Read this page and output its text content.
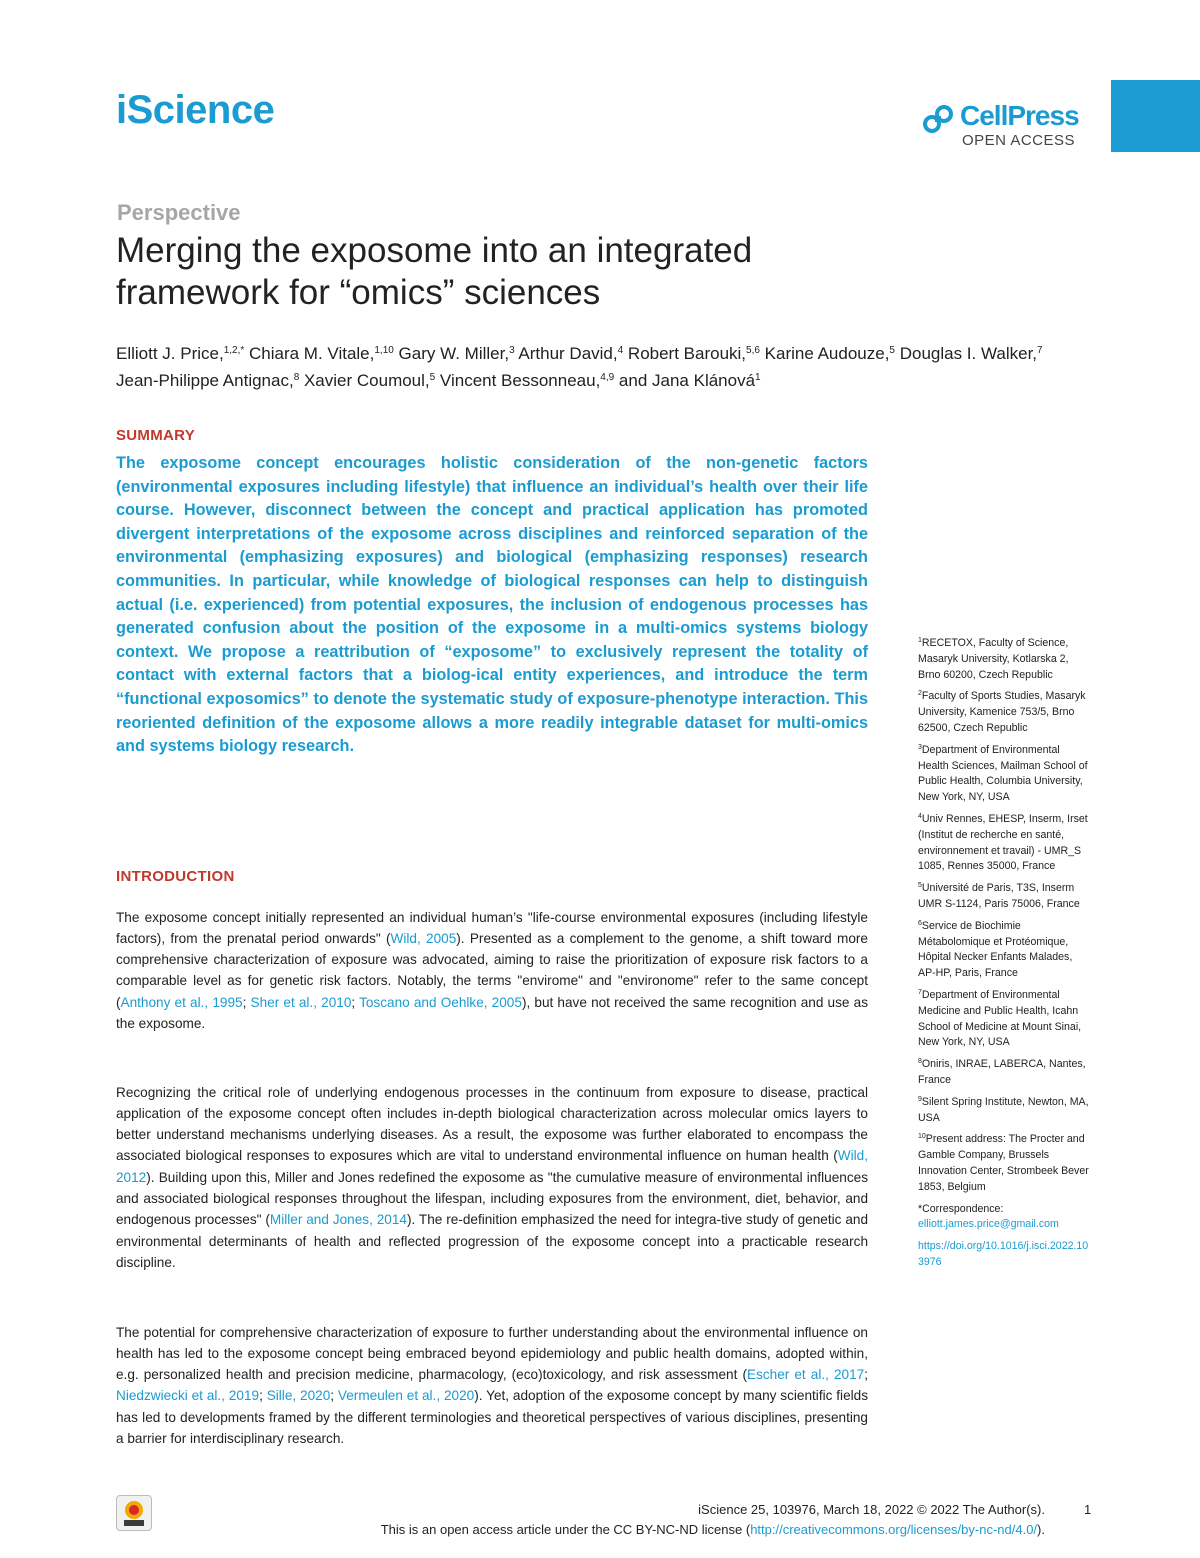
iScience	CellPress
OPEN ACCESS
Perspective
Merging the exposome into an integrated framework for “omics” sciences
Elliott J. Price,$^{1,2,*}$ Chiara M. Vitale,$^{1,10}$ Gary W. Miller,$^3$ Arthur David,$^4$ Robert Barouki,$^{5,6}$ Karine Audouze,$^5$ Douglas I. Walker,$^7$ Jean-Philippe Antignac,$^8$ Xavier Coumoul,$^5$ Vincent Bessonneau,$^{4,9}$ and Jana Klánová$^1$
SUMMARY
The exposome concept encourages holistic consideration of the non-genetic factors (environmental exposures including lifestyle) that influence an individual’s health over their life course. However, disconnect between the concept and practical application has promoted divergent interpretations of the exposome across disciplines and reinforced separation of the environmental (emphasizing exposures) and biological (emphasizing responses) research communities. In particular, while knowledge of biological responses can help to distinguish actual (i.e. experienced) from potential exposures, the inclusion of endogenous processes has generated confusion about the position of the exposome in a multi-omics systems biology context. We propose a reattribution of “exposome” to exclusively represent the totality of contact with external factors that a biolog-ical entity experiences, and introduce the term “functional exposomics” to denote the systematic study of exposure-phenotype interaction. This reoriented definition of the exposome allows a more readily integrable dataset for multi-omics and systems biology research.
INTRODUCTION

The exposome concept initially represented an individual human’s "life-course environmental exposures (including lifestyle factors), from the prenatal period onwards" (Wild, 2005). Presented as a complement to the genome, a shift toward more comprehensive characterization of exposure was advocated, aiming to raise the prioritization of exposure risk factors to a comparable level as for genetic risk factors. Notably, the terms "envirome" and "environome" refer to the same concept (Anthony et al., 1995; Sher et al., 2010; Toscano and Oehlke, 2005), but have not received the same recognition and use as the exposome.

Recognizing the critical role of underlying endogenous processes in the continuum from exposure to disease, practical application of the exposome concept often includes in-depth biological characterization across molecular omics layers to better understand mechanisms underlying diseases. As a result, the exposome was further elaborated to encompass the associated biological responses to exposures which are vital to understand environmental influence on human health (Wild, 2012). Building upon this, Miller and Jones redefined the exposome as "the cumulative measure of environmental influences and associated biological responses throughout the lifespan, including exposures from the environment, diet, behavior, and endogenous processes" (Miller and Jones, 2014). The re-definition emphasized the need for integra-tive study of genetic and environmental determinants of health and reflected progression of the exposome concept into a practicable research discipline.

The potential for comprehensive characterization of exposure to further understanding about the environmental influence on health has led to the exposome concept being embraced beyond epidemiology and public health domains, adopted within, e.g. personalized health and precision medicine, pharmacology, (eco)toxicology, and risk assessment (Escher et al., 2017; Niedzwiecki et al., 2019; Sille, 2020; Vermeulen et al., 2020). Yet, adoption of the exposome concept by many scientific fields has led to developments framed by the different terminologies and theoretical perspectives of various disciplines, presenting a barrier for interdisciplinary research.

$^1$RECETOX, Faculty of Science, Masaryk University, Kotlarska 2, Brno 60200, Czech Republic
$^2$Faculty of Sports Studies, Masaryk University, Kamenice 753/5, Brno 62500, Czech Republic
$^3$Department of Environmental Health Sciences, Mailman School of Public Health, Columbia University, New York, NY, USA
$^4$Univ Rennes, EHESP, Inserm, Irset (Institut de recherche en santé, environnement et travail) - UMR_S 1085, Rennes 35000, France
$^5$Université de Paris, T3S, Inserm UMR S-1124, Paris 75006, France
$^6$Service de Biochimie Métabolomique et Protéomique, Hôpital Necker Enfants Malades, AP-HP, Paris, France
$^7$Department of Environmental Medicine and Public Health, Icahn School of Medicine at Mount Sinai, New York, NY, USA
$^8$Oniris, INRAE, LABERCA, Nantes, France
$^9$Silent Spring Institute, Newton, MA, USA
$^{10}$Present address: The Procter and Gamble Company, Brussels Innovation Center, Strombeek Bever 1853, Belgium
*Correspondence:
elliott.james.price@gmail.com
https://doi.org/10.1016/j.isci.2022.103976
iScience 25, 103976, March 18, 2022 © 2022 The Author(s).	1
This is an open access article under the CC BY-NC-ND license (http://creativecommons.org/licenses/by-nc-nd/4.0/).
